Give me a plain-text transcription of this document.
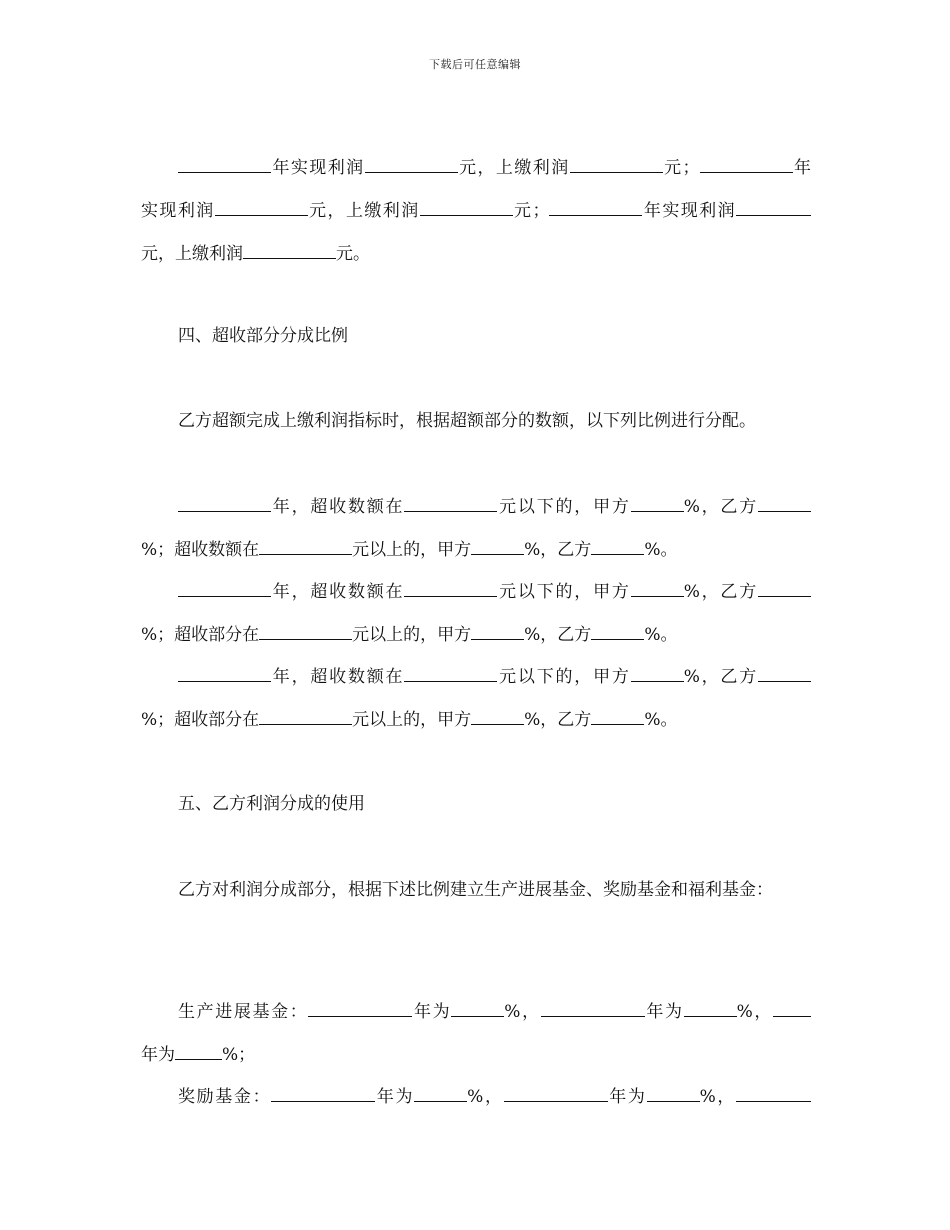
下载后可任意编辑
年实现利润	元，上缴利润	元；	年
实现利润	元，上缴利润	元；	年实现利润
元，上缴利润	元。
四、超收部分分成比例
乙方超额完成上缴利润指标时，根据超额部分的数额，以下列比例进行分配。
年，超收数额在	元以下的，甲方	%，乙方
%；超收数额在	元以上的，甲方	%，乙方	%。
年，超收数额在	元以下的，甲方	%，乙方
%；超收部分在	元以上的，甲方	%，乙方	%。
年，超收数额在	元以下的，甲方	%，乙方
%；超收部分在	元以上的，甲方	%，乙方	%。
五、乙方利润分成的使用
乙方对利润分成部分，根据下述比例建立生产进展基金、奖励基金和福利基金：
生产进展基金：	年为	%，	年为	%，
年为	%；
奖励基金：	年为	%，	年为	%，
